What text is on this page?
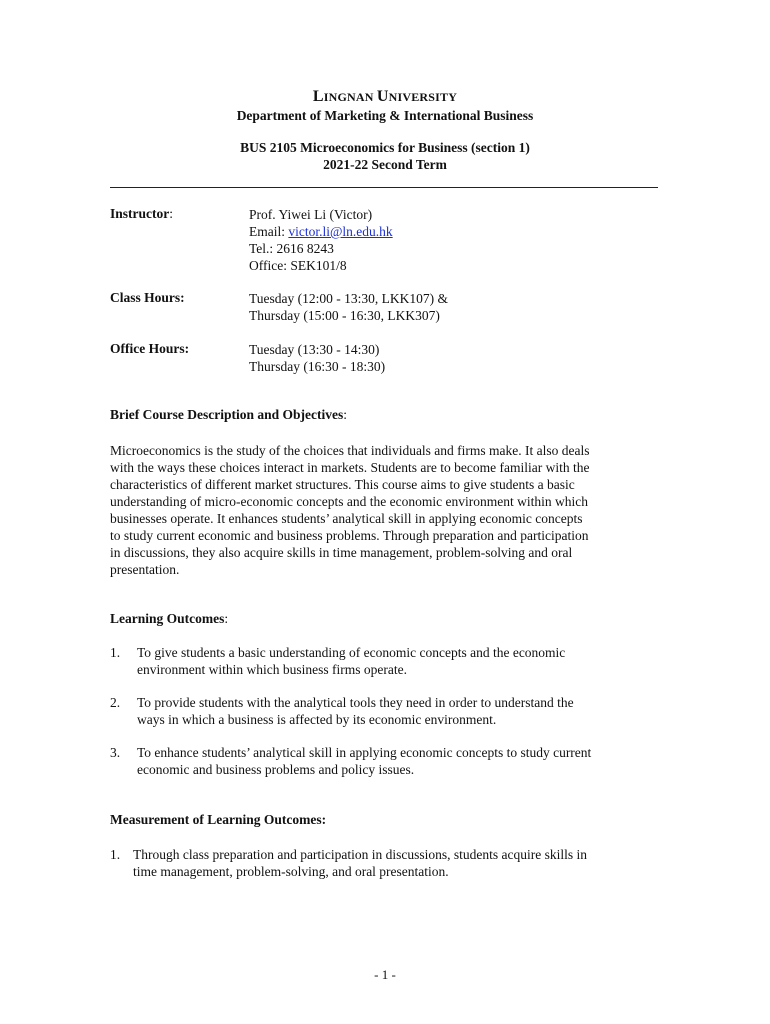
LINGNAN UNIVERSITY
Department of Marketing & International Business
BUS 2105 Microeconomics for Business (section 1)
2021-22 Second Term
Instructor:	Prof. Yiwei Li (Victor)
Email: victor.li@ln.edu.hk
Tel.: 2616 8243
Office: SEK101/8
Class Hours:	Tuesday (12:00 - 13:30, LKK107) &
Thursday (15:00 - 16:30, LKK307)
Office Hours:	Tuesday (13:30 - 14:30)
Thursday (16:30 - 18:30)
Brief Course Description and Objectives:
Microeconomics is the study of the choices that individuals and firms make. It also deals
with the ways these choices interact in markets. Students are to become familiar with the
characteristics of different market structures. This course aims to give students a basic
understanding of micro-economic concepts and the economic environment within which
businesses operate. It enhances students’ analytical skill in applying economic concepts
to study current economic and business problems. Through preparation and participation
in discussions, they also acquire skills in time management, problem-solving and oral
presentation.
Learning Outcomes:
1. To give students a basic understanding of economic concepts and the economic
environment within which business firms operate.
2. To provide students with the analytical tools they need in order to understand the
ways in which a business is affected by its economic environment.
3. To enhance students’ analytical skill in applying economic concepts to study current
economic and business problems and policy issues.
Measurement of Learning Outcomes:
1. Through class preparation and participation in discussions, students acquire skills in
time management, problem-solving, and oral presentation.
- 1 -
